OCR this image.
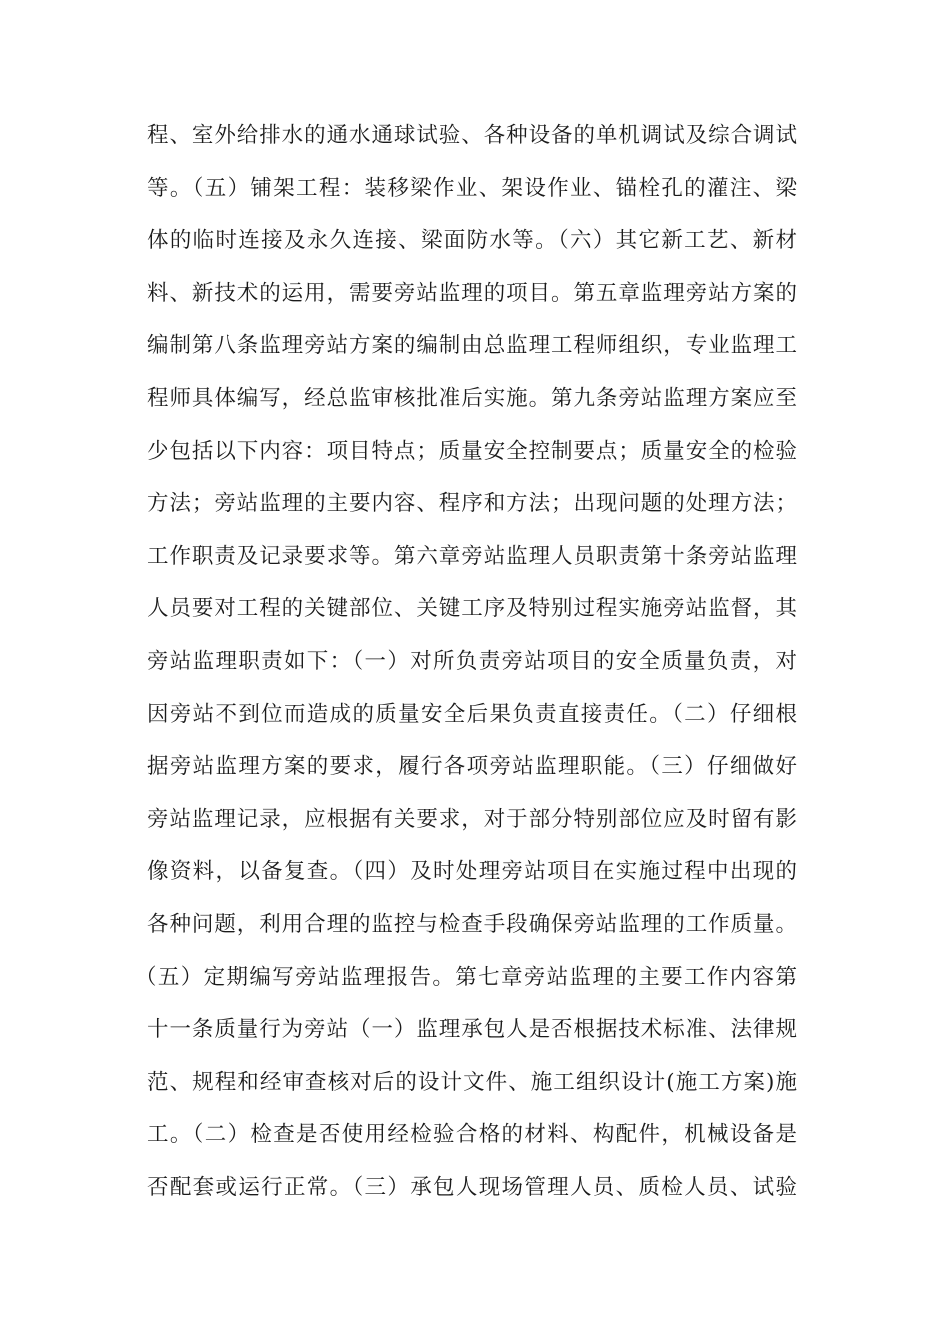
程、室外给排水的通水通球试验、各种设备的单机调试及综合调试
等。（五）铺架工程：装移梁作业、架设作业、锚栓孔的灌注、梁
体的临时连接及永久连接、梁面防水等。（六）其它新工艺、新材
料、新技术的运用，需要旁站监理的项目。第五章监理旁站方案的
编制第八条监理旁站方案的编制由总监理工程师组织，专业监理工
程师具体编写，经总监审核批准后实施。第九条旁站监理方案应至
少包括以下内容：项目特点；质量安全控制要点；质量安全的检验
方法；旁站监理的主要内容、程序和方法；出现问题的处理方法；
工作职责及记录要求等。第六章旁站监理人员职责第十条旁站监理
人员要对工程的关键部位、关键工序及特别过程实施旁站监督，其
旁站监理职责如下：（一）对所负责旁站项目的安全质量负责，对
因旁站不到位而造成的质量安全后果负责直接责任。（二）仔细根
据旁站监理方案的要求，履行各项旁站监理职能。（三）仔细做好
旁站监理记录，应根据有关要求，对于部分特别部位应及时留有影
像资料，以备复查。（四）及时处理旁站项目在实施过程中出现的
各种问题，利用合理的监控与检查手段确保旁站监理的工作质量。
（五）定期编写旁站监理报告。第七章旁站监理的主要工作内容第
十一条质量行为旁站（一）监理承包人是否根据技术标准、法律规
范、规程和经审查核对后的设计文件、施工组织设计(施工方案)施
工。（二）检查是否使用经检验合格的材料、构配件，机械设备是
否配套或运行正常。（三）承包人现场管理人员、质检人员、试验
